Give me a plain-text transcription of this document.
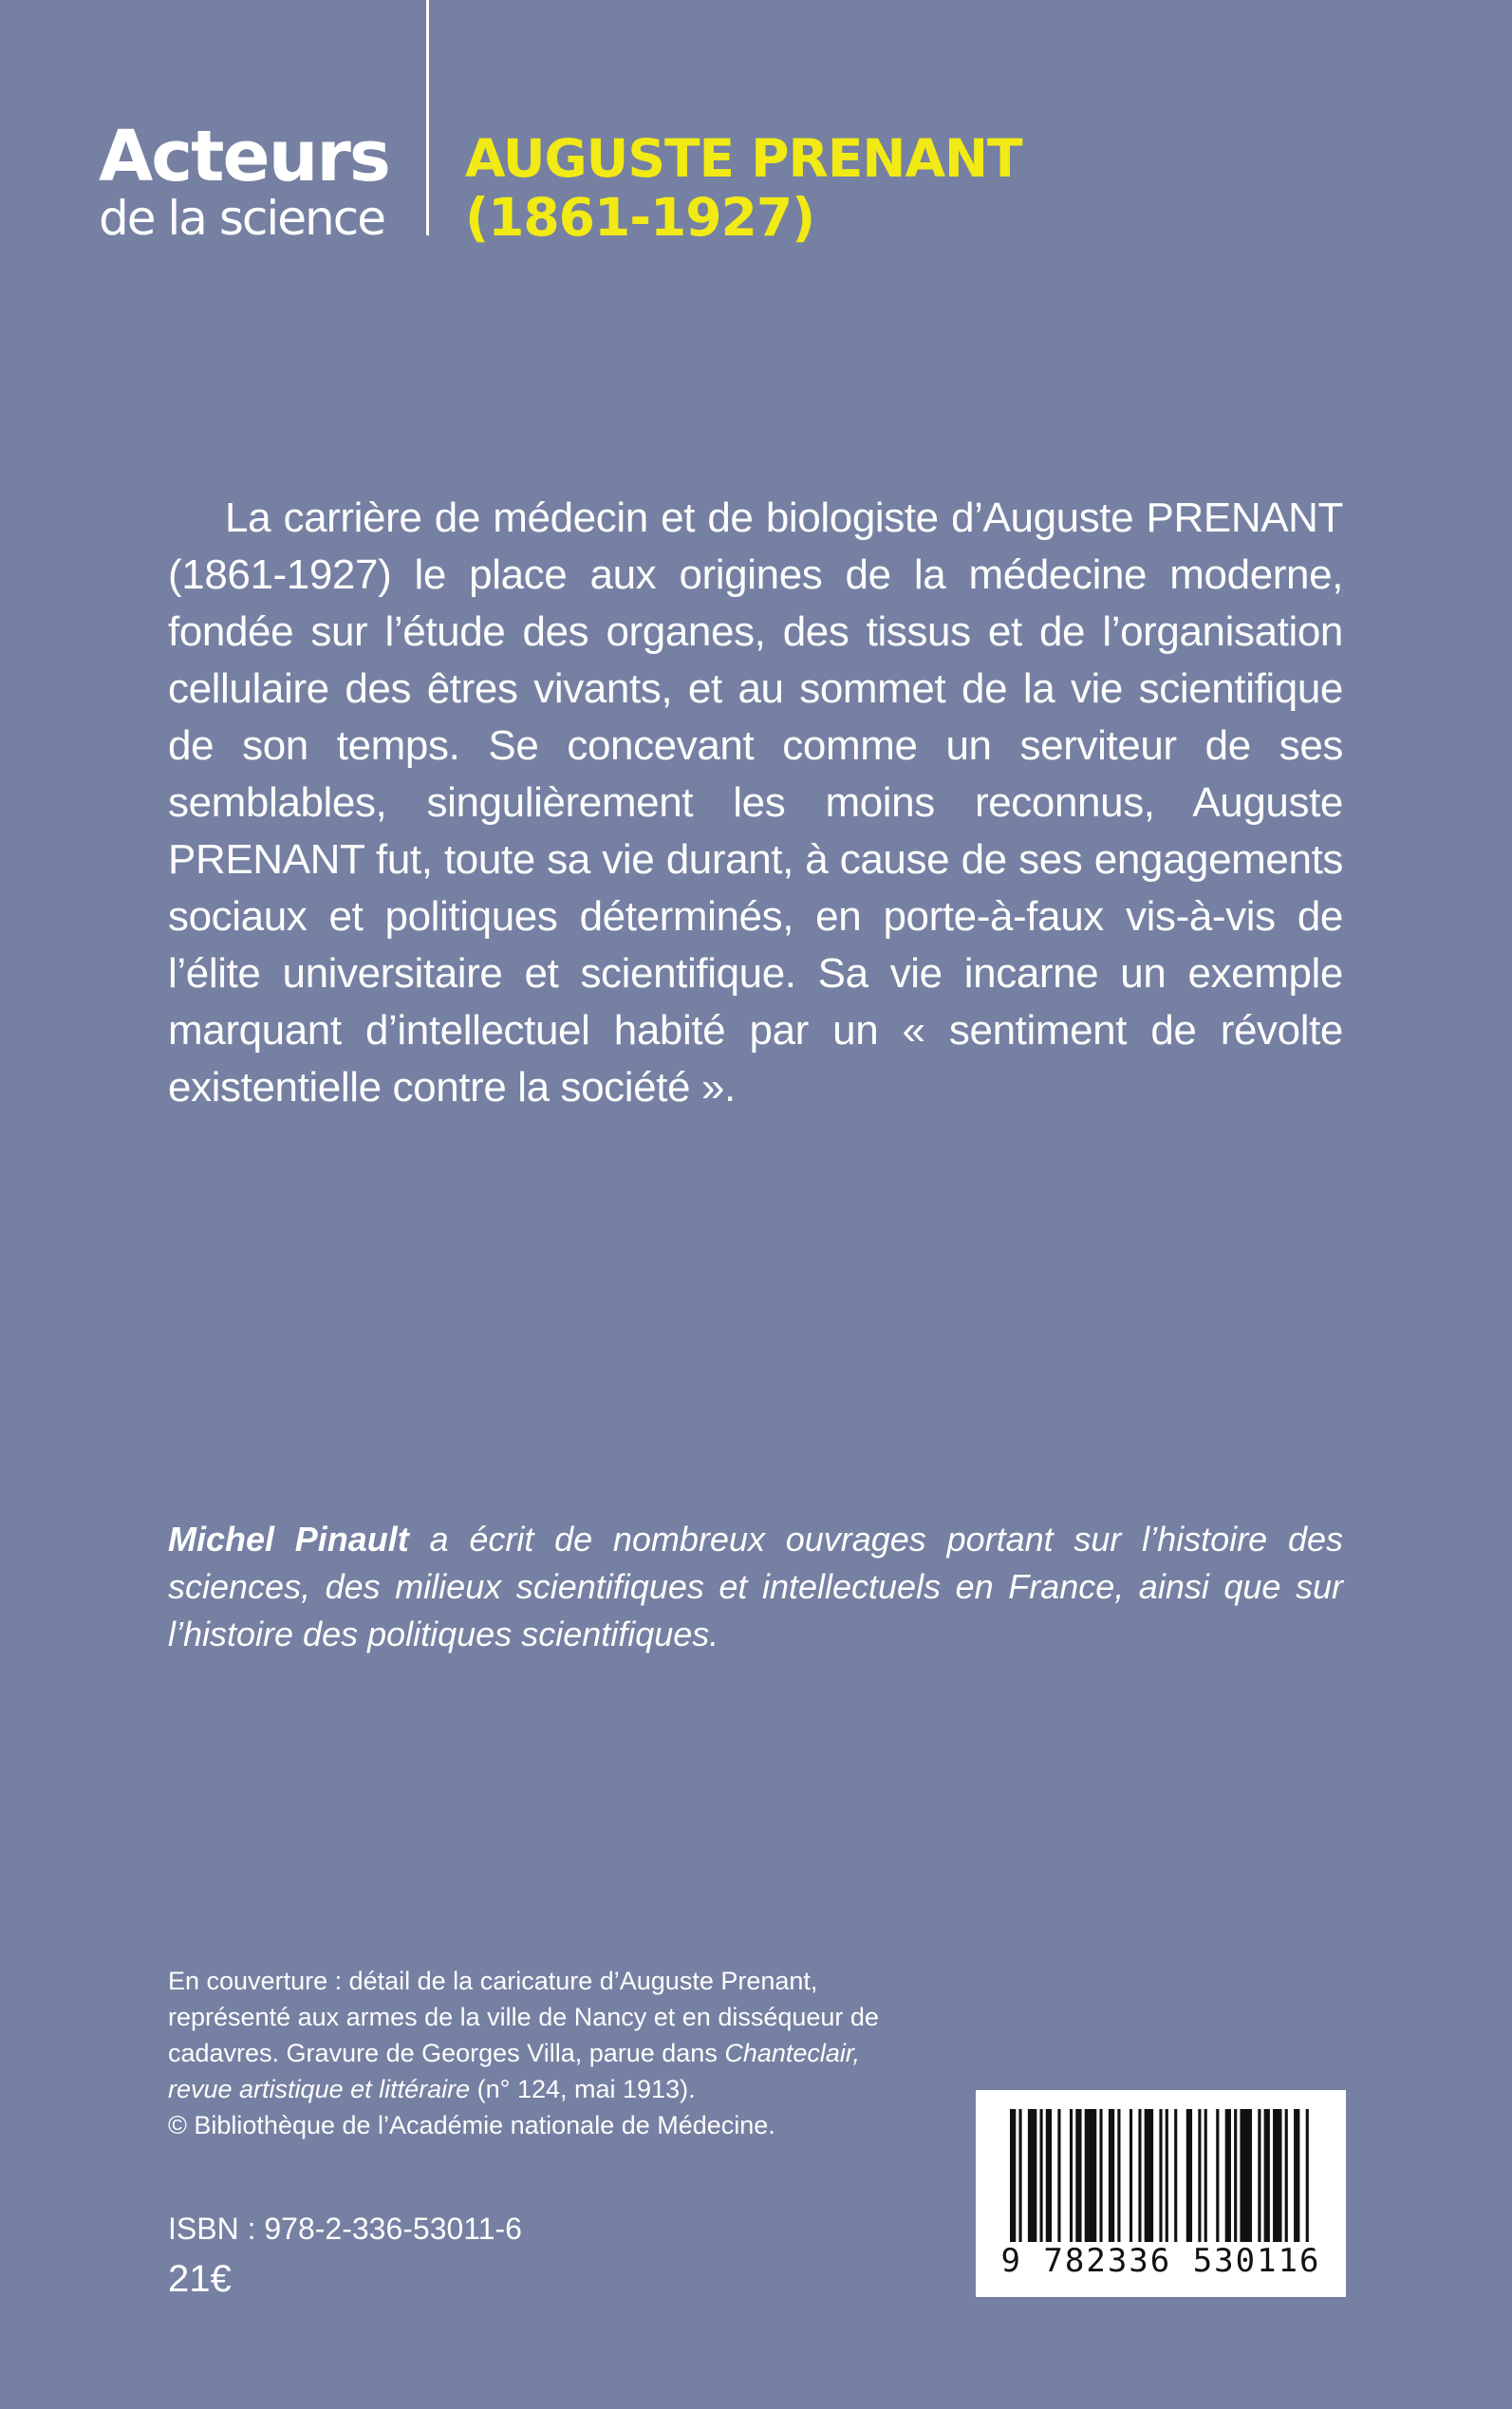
Acteurs
de la science
AUGUSTE PRENANT
(1861-1927)

La carrière de médecin et de biologiste d’Auguste PRENANT (1861-1927) le place aux origines de la médecine moderne, fondée sur l’étude des organes, des tissus et de l’organisation cellulaire des êtres vivants, et au sommet de la vie scientifique de son temps. Se concevant comme un serviteur de ses semblables, singulièrement les moins reconnus, Auguste PRENANT fut, toute sa vie durant, à cause de ses engagements sociaux et politiques déterminés, en porte-à-faux vis-à-vis de l’élite universitaire et scientifique. Sa vie incarne un exemple marquant d’intellectuel habité par un « sentiment de révolte existentielle contre la société ».

Michel Pinault a écrit de nombreux ouvrages portant sur l’histoire des sciences, des milieux scientifiques et intellectuels en France, ainsi que sur l’histoire des politiques scientifiques.

En couverture : détail de la caricature d’Auguste Prenant, représenté aux armes de la ville de Nancy et en disséqueur de cadavres. Gravure de Georges Villa, parue dans Chanteclair, revue artistique et littéraire (n° 124, mai 1913).
© Bibliothèque de l’Académie nationale de Médecine.
ISBN : 978-2-336-53011-6
21€	9 782336 530116
